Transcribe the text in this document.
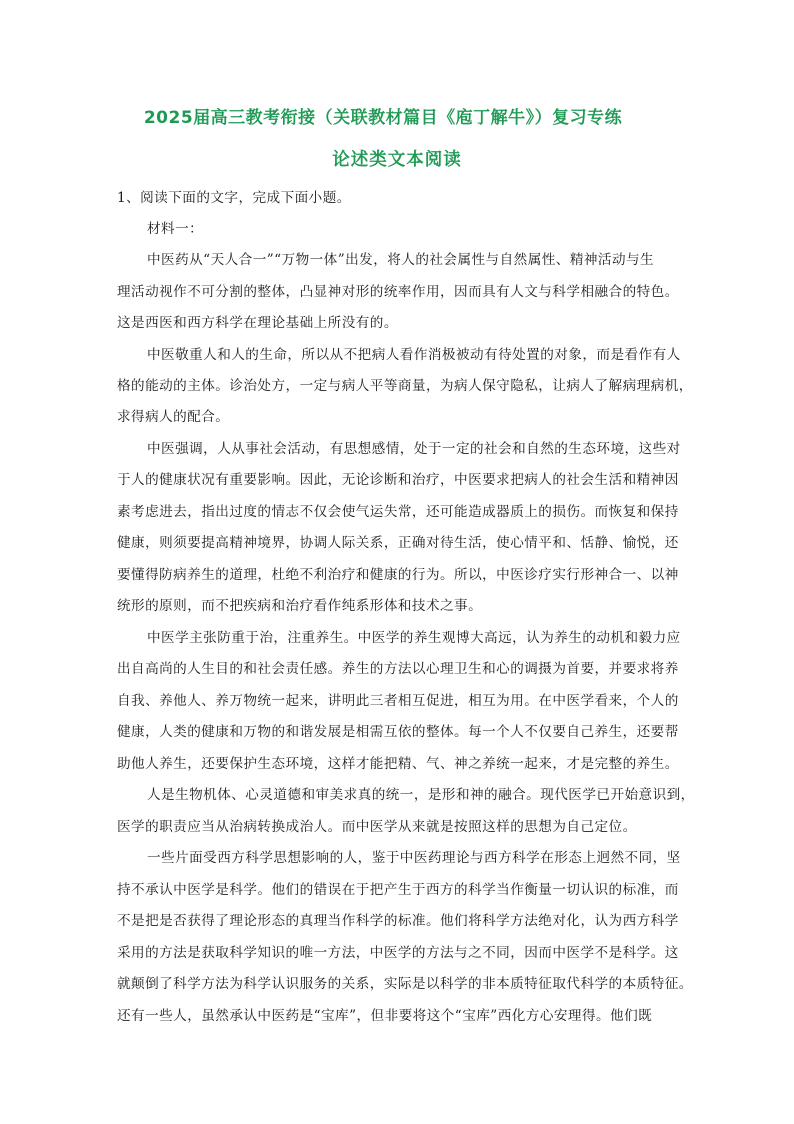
2025届高三教考衔接（关联教材篇目《庖丁解牛》）复习专练
论述类文本阅读
1、阅读下面的文字，完成下面小题。
材料一：
中医药从“天人合一”“万物一体”出发，将人的社会属性与自然属性、精神活动与生
理活动视作不可分割的整体，凸显神对形的统率作用，因而具有人文与科学相融合的特色。
这是西医和西方科学在理论基础上所没有的。
中医敬重人和人的生命，所以从不把病人看作消极被动有待处置的对象，而是看作有人
格的能动的主体。诊治处方，一定与病人平等商量，为病人保守隐私，让病人了解病理病机，
求得病人的配合。
中医强调，人从事社会活动，有思想感情，处于一定的社会和自然的生态环境，这些对
于人的健康状况有重要影响。因此，无论诊断和治疗，中医要求把病人的社会生活和精神因
素考虑进去，指出过度的情志不仅会使气运失常，还可能造成器质上的损伤。而恢复和保持
健康，则须要提高精神境界，协调人际关系，正确对待生活，使心情平和、恬静、愉悦，还
要懂得防病养生的道理，杜绝不利治疗和健康的行为。所以，中医诊疗实行形神合一、以神
统形的原则，而不把疾病和治疗看作纯系形体和技术之事。
中医学主张防重于治，注重养生。中医学的养生观博大高远，认为养生的动机和毅力应
出自高尚的人生目的和社会责任感。养生的方法以心理卫生和心的调摄为首要，并要求将养
自我、养他人、养万物统一起来，讲明此三者相互促进，相互为用。在中医学看来，个人的
健康，人类的健康和万物的和谐发展是相需互依的整体。每一个人不仅要自己养生，还要帮
助他人养生，还要保护生态环境，这样才能把精、气、神之养统一起来，才是完整的养生。
人是生物机体、心灵道德和审美求真的统一，是形和神的融合。现代医学已开始意识到，
医学的职责应当从治病转换成治人。而中医学从来就是按照这样的思想为自己定位。
一些片面受西方科学思想影响的人，鉴于中医药理论与西方科学在形态上迥然不同，坚
持不承认中医学是科学。他们的错误在于把产生于西方的科学当作衡量一切认识的标准，而
不是把是否获得了理论形态的真理当作科学的标准。他们将科学方法绝对化，认为西方科学
采用的方法是获取科学知识的唯一方法，中医学的方法与之不同，因而中医学不是科学。这
就颠倒了科学方法为科学认识服务的关系，实际是以科学的非本质特征取代科学的本质特征。
还有一些人，虽然承认中医药是“宝库”，但非要将这个“宝库”西化方心安理得。他们既
